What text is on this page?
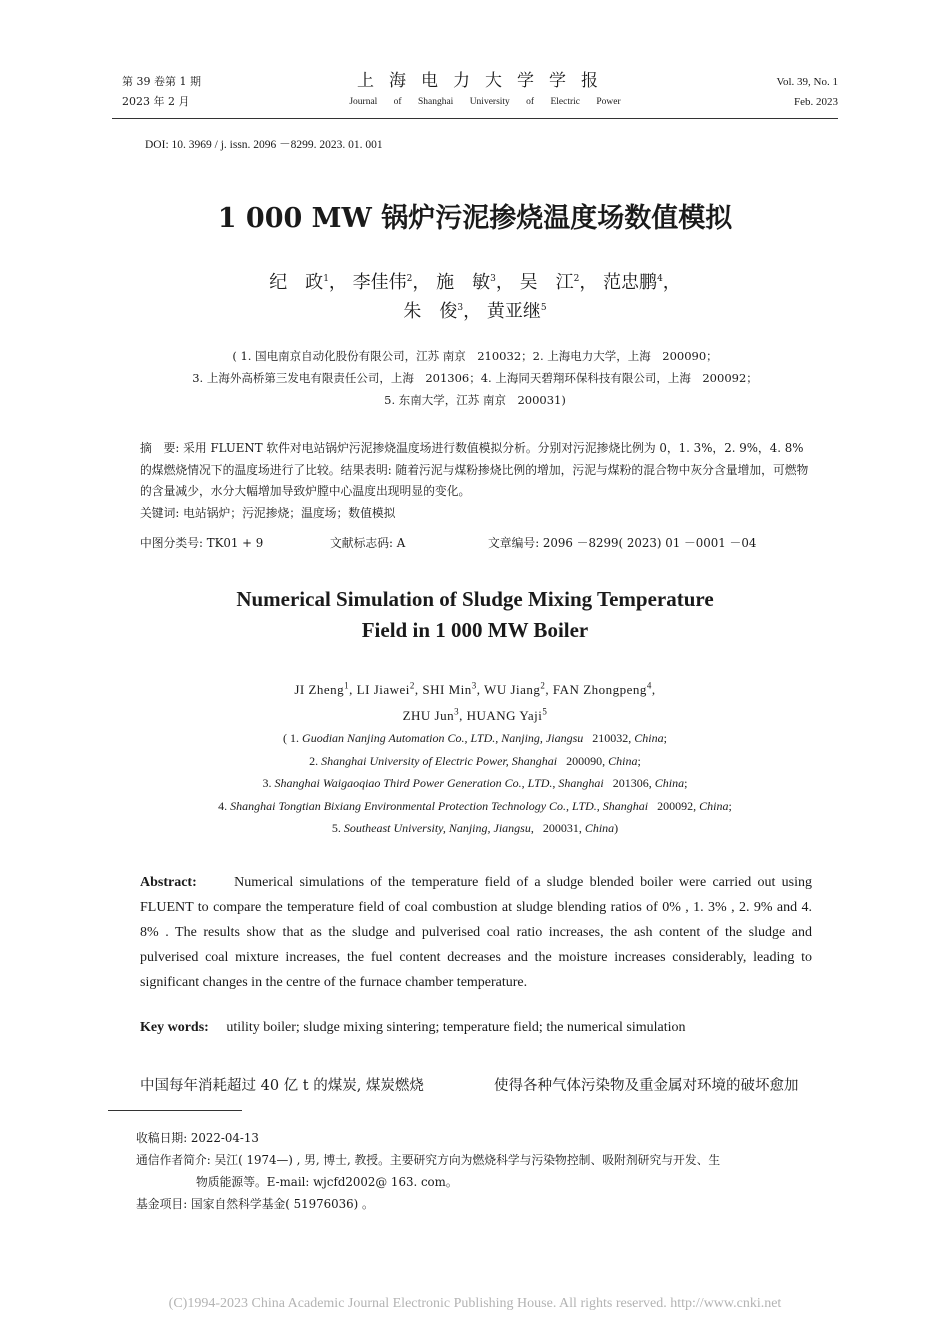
第 39 卷第 1 期
2023 年 2 月
上海电力大学学报
Journal of Shanghai University of Electric Power
Vol. 39, No. 1
Feb. 2023
DOI: 10. 3969 / j. issn. 2096 －8299. 2023. 01. 001
1 000 MW 锅炉污泥掺烧温度场数值模拟
纪　政$^1$， 李佳伟$^2$， 施　敏$^3$， 吴　江$^2$， 范忠鹏$^4$，
朱　俊$^3$， 黄亚继$^5$
( 1. 国电南京自动化股份有限公司，江苏 南京　210032；2. 上海电力大学，上海　200090；
3. 上海外高桥第三发电有限责任公司，上海　201306；4. 上海同天碧翔环保科技有限公司，上海　200092；
5. 东南大学，江苏 南京　200031)
摘　要: 采用 FLUENT 软件对电站锅炉污泥掺烧温度场进行数值模拟分析。分别对污泥掺烧比例为 0，1. 3%，2. 9%，4. 8% 的煤燃烧情况下的温度场进行了比较。结果表明: 随着污泥与煤粉掺烧比例的增加，污泥与煤粉的混合物中灰分含量增加，可燃物的含量减少，水分大幅增加导致炉膛中心温度出现明显的变化。
关键词: 电站锅炉；污泥掺烧；温度场；数值模拟
中图分类号: TK01 + 9	文献标志码: A	文章编号: 2096 －8299( 2023) 01 －0001 －04
Numerical Simulation of Sludge Mixing Temperature
Field in 1 000 MW Boiler
JI Zheng$^1$, LI Jiawei$^2$, SHI Min$^3$, WU Jiang$^2$, FAN Zhongpeng$^4$,
ZHU Jun$^3$, HUANG Yaji$^5$
( 1. Guodian Nanjing Automation Co., LTD., Nanjing, Jiangsu 210032, China;
2. Shanghai University of Electric Power, Shanghai 200090, China;
3. Shanghai Waigaoqiao Third Power Generation Co., LTD., Shanghai 201306, China;
4. Shanghai Tongtian Bixiang Environmental Protection Technology Co., LTD., Shanghai 200092, China;
5. Southeast University, Nanjing, Jiangsu,   200031, China)
Abstract:	Numerical simulations of the temperature field of a sludge blended boiler were carried out using FLUENT to compare the temperature field of coal combustion at sludge blending ratios of 0% , 1. 3% , 2. 9% and 4. 8% . The results show that as the sludge and pulverised coal ratio increases, the ash content of the sludge and pulverised coal mixture increases, the fuel content decreases and the moisture increases considerably, leading to significant changes in the centre of the furnace chamber temperature.
Key words: utility boiler; sludge mixing sintering; temperature field; the numerical simulation
中国每年消耗超过 40 亿 t 的煤炭, 煤炭燃烧	使得各种气体污染物及重金属对环境的破坏愈加
收稿日期: 2022-04-13
通信作者简介: 吴江( 1974—) , 男, 博士, 教授。主要研究方向为燃烧科学与污染物控制、吸附剂研究与开发、生
物质能源等。E-mail: wjcfd2002@ 163. com。
基金项目: 国家自然科学基金( 51976036) 。
(C)1994-2023 China Academic Journal Electronic Publishing House. All rights reserved. http://www.cnki.net
